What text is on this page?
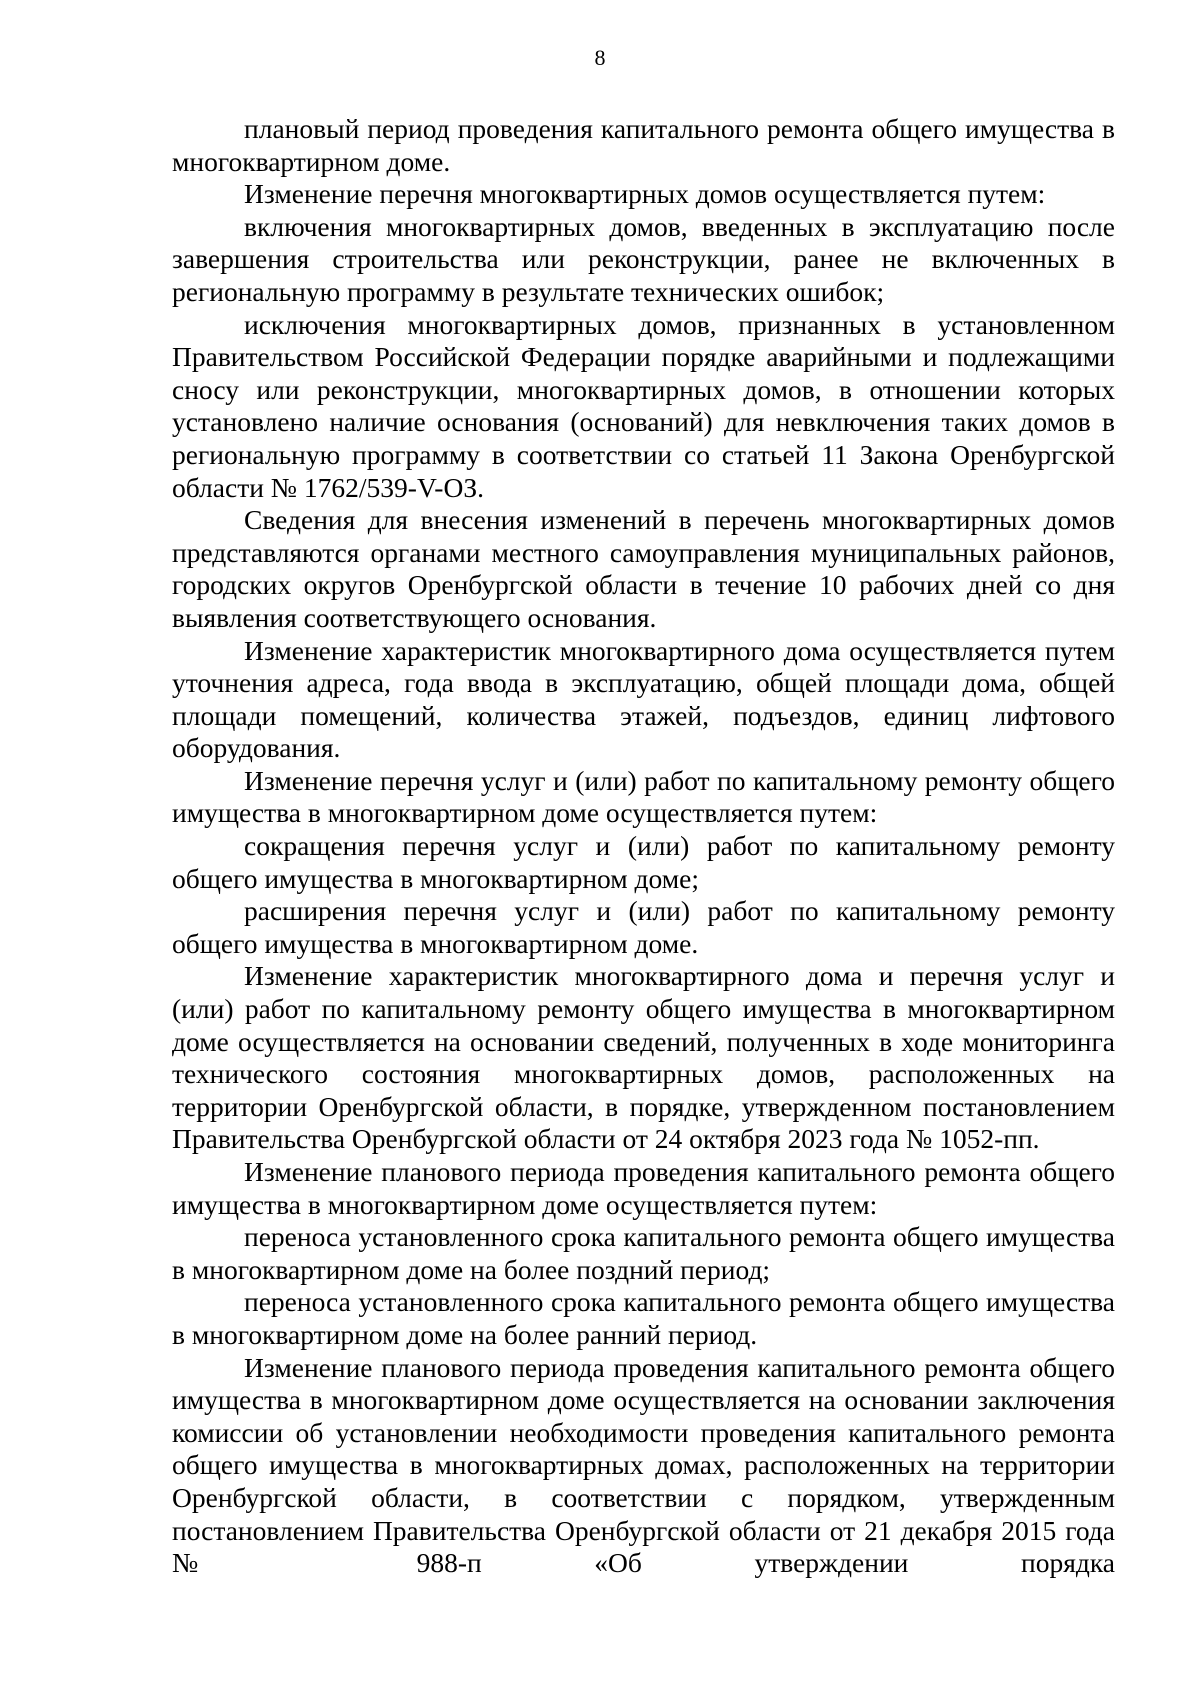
8

плановый период проведения капитального ремонта общего имущества в многоквартирном доме.

Изменение перечня многоквартирных домов осуществляется путем:

включения многоквартирных домов, введенных в эксплуатацию после завершения строительства или реконструкции, ранее не включенных в региональную программу в результате технических ошибок;

исключения многоквартирных домов, признанных в установленном Правительством Российской Федерации порядке аварийными и подлежащими сносу или реконструкции, многоквартирных домов, в отношении которых установлено наличие основания (оснований) для невключения таких домов в региональную программу в соответствии со статьей 11 Закона Оренбургской области № 1762/539-V-ОЗ.

Сведения для внесения изменений в перечень многоквартирных домов представляются органами местного самоуправления муниципальных районов, городских округов Оренбургской области в течение 10 рабочих дней со дня выявления соответствующего основания.

Изменение характеристик многоквартирного дома осуществляется путем уточнения адреса, года ввода в эксплуатацию, общей площади дома, общей площади помещений, количества этажей, подъездов, единиц лифтового оборудования.

Изменение перечня услуг и (или) работ по капитальному ремонту общего имущества в многоквартирном доме осуществляется путем:

сокращения перечня услуг и (или) работ по капитальному ремонту общего имущества в многоквартирном доме;

расширения перечня услуг и (или) работ по капитальному ремонту общего имущества в многоквартирном доме.

Изменение характеристик многоквартирного дома и перечня услуг и (или) работ по капитальному ремонту общего имущества в многоквартирном доме осуществляется на основании сведений, полученных в ходе мониторинга технического состояния многоквартирных домов, расположенных на территории Оренбургской области, в порядке, утвержденном постановлением Правительства Оренбургской области от 24 октября 2023 года № 1052-пп.

Изменение планового периода проведения капитального ремонта общего имущества в многоквартирном доме осуществляется путем:

переноса установленного срока капитального ремонта общего имущества в многоквартирном доме на более поздний период;

переноса установленного срока капитального ремонта общего имущества в многоквартирном доме на более ранний период.

Изменение планового периода проведения капитального ремонта общего имущества в многоквартирном доме осуществляется на основании заключения комиссии об установлении необходимости проведения капитального ремонта общего имущества в многоквартирных домах, расположенных на территории Оренбургской области, в соответствии с порядком, утвержденным постановлением Правительства Оренбургской области от 21 декабря 2015 года № 988-п «Об утверждении порядка
